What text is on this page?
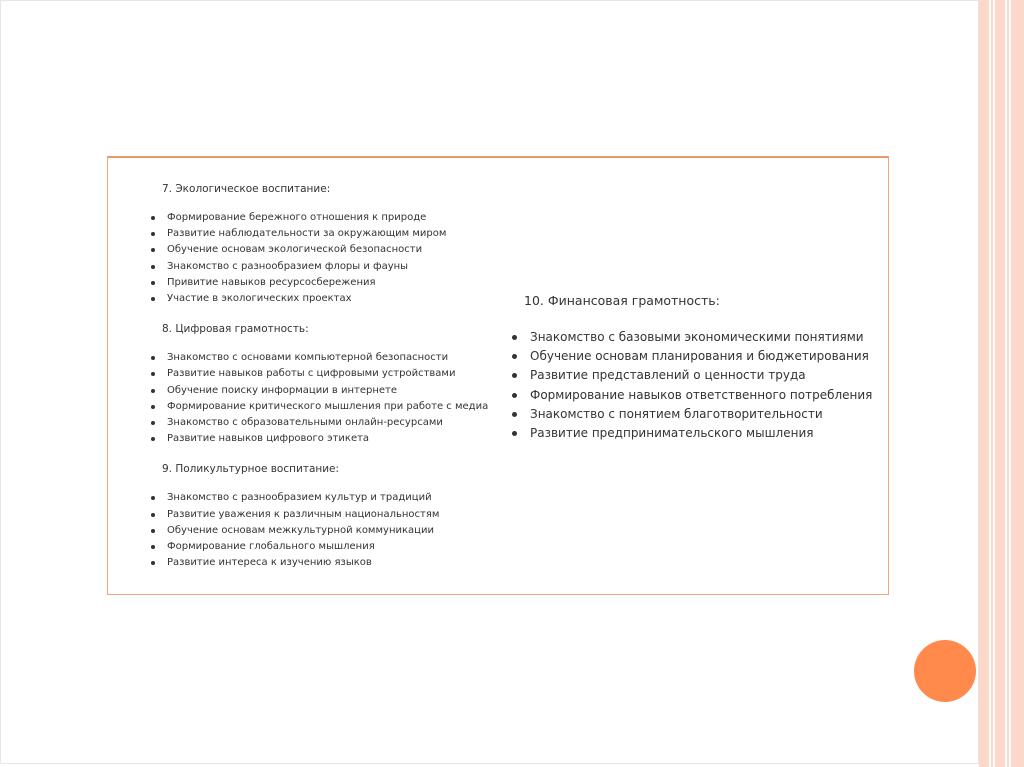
7. Экологическое воспитание:
Формирование бережного отношения к природе
Развитие наблюдательности за окружающим миром
Обучение основам экологической безопасности
Знакомство с разнообразием флоры и фауны
Привитие навыков ресурсосбережения
Участие в экологических проектах
8. Цифровая грамотность:
Знакомство с основами компьютерной безопасности
Развитие навыков работы с цифровыми устройствами
Обучение поиску информации в интернете
Формирование критического мышления при работе с медиа
Знакомство с образовательными онлайн-ресурсами
Развитие навыков цифрового этикета
9. Поликультурное воспитание:
Знакомство с разнообразием культур и традиций
Развитие уважения к различным национальностям
Обучение основам межкультурной коммуникации
Формирование глобального мышления
Развитие интереса к изучению языков
10. Финансовая грамотность:
Знакомство с базовыми экономическими понятиями
Обучение основам планирования и бюджетирования
Развитие представлений о ценности труда
Формирование навыков ответственного потребления
Знакомство с понятием благотворительности
Развитие предпринимательского мышления
